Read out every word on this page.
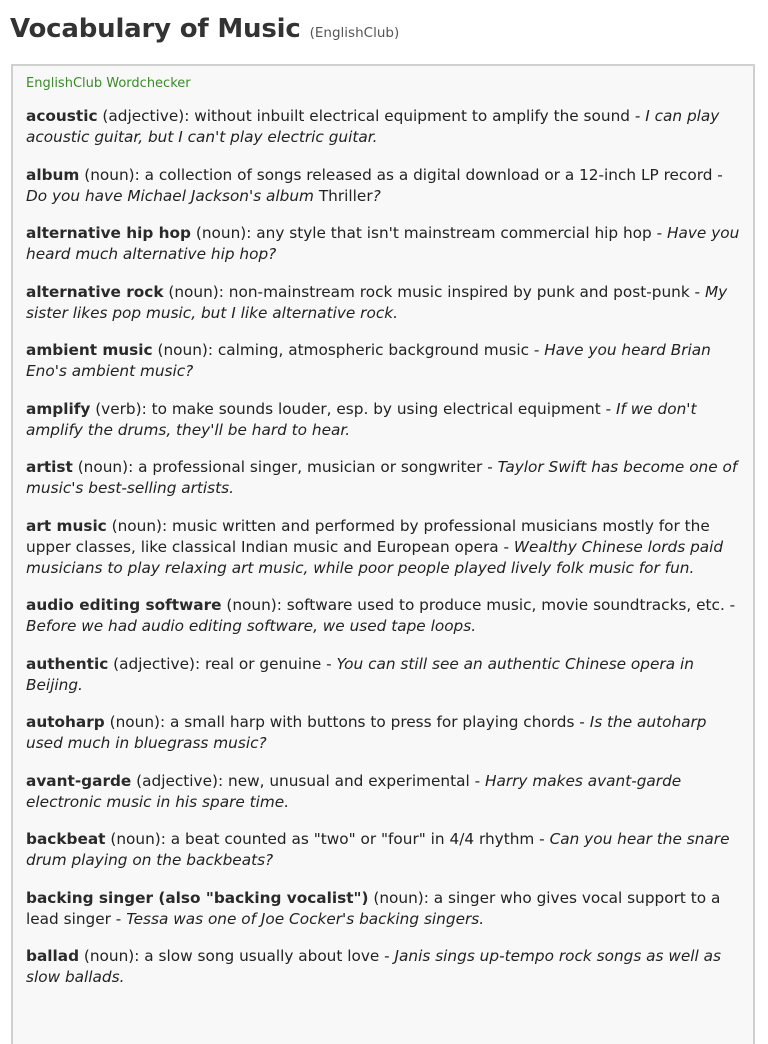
Vocabulary of Music (EnglishClub)
EnglishClub Wordchecker

acoustic (adjective): without inbuilt electrical equipment to amplify the sound - I can play acoustic guitar, but I can't play electric guitar.

album (noun): a collection of songs released as a digital download or a 12-inch LP record - Do you have Michael Jackson's album Thriller?

alternative hip hop (noun): any style that isn't mainstream commercial hip hop - Have you heard much alternative hip hop?

alternative rock (noun): non-mainstream rock music inspired by punk and post-punk - My sister likes pop music, but I like alternative rock.

ambient music (noun): calming, atmospheric background music - Have you heard Brian Eno's ambient music?

amplify (verb): to make sounds louder, esp. by using electrical equipment - If we don't amplify the drums, they'll be hard to hear.

artist (noun): a professional singer, musician or songwriter - Taylor Swift has become one of music's best-selling artists.

art music (noun): music written and performed by professional musicians mostly for the upper classes, like classical Indian music and European opera - Wealthy Chinese lords paid musicians to play relaxing art music, while poor people played lively folk music for fun.

audio editing software (noun): software used to produce music, movie soundtracks, etc. - Before we had audio editing software, we used tape loops.

authentic (adjective): real or genuine - You can still see an authentic Chinese opera in Beijing.

autoharp (noun): a small harp with buttons to press for playing chords - Is the autoharp used much in bluegrass music?

avant-garde (adjective): new, unusual and experimental - Harry makes avant-garde electronic music in his spare time.

backbeat (noun): a beat counted as "two" or "four" in 4/4 rhythm - Can you hear the snare drum playing on the backbeats?

backing singer (also "backing vocalist") (noun): a singer who gives vocal support to a lead singer - Tessa was one of Joe Cocker's backing singers.

ballad (noun): a slow song usually about love - Janis sings up-tempo rock songs as well as slow ballads.
